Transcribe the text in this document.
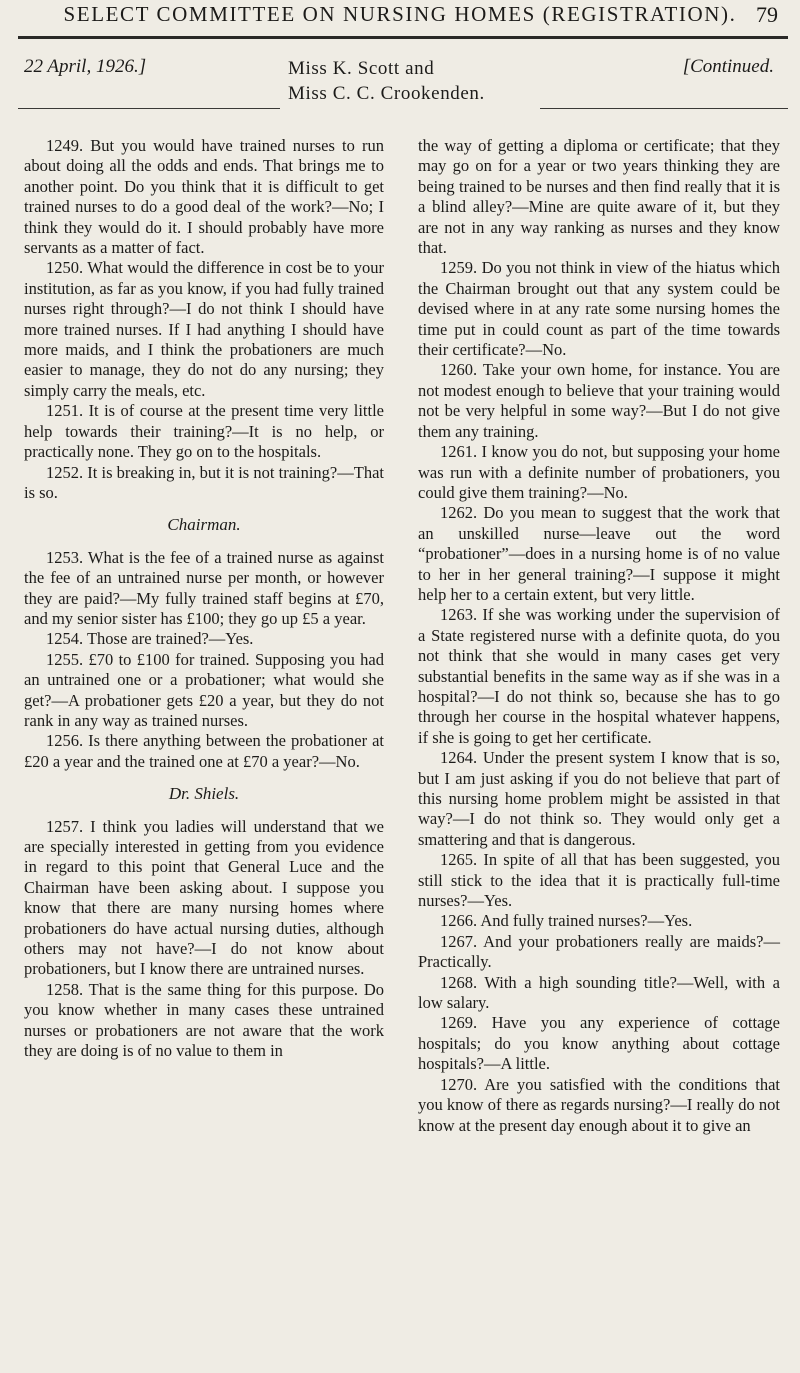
SELECT COMMITTEE ON NURSING HOMES (REGISTRATION). 79
22 April, 1926.]	Miss K. Scott and
Miss C. C. Crookenden.
[Continued.

1249. But you would have trained nurses to run about doing all the odds and ends. That brings me to another point. Do you think that it is difficult to get trained nurses to do a good deal of the work?—No; I think they would do it. I should probably have more servants as a matter of fact.

1250. What would the difference in cost be to your institution, as far as you know, if you had fully trained nurses right through?—I do not think I should have more trained nurses. If I had anything I should have more maids, and I think the probationers are much easier to manage, they do not do any nursing; they simply carry the meals, etc.

1251. It is of course at the present time very little help towards their training?—It is no help, or practically none. They go on to the hospitals.

1252. It is breaking in, but it is not training?—That is so.

Chairman.

1253. What is the fee of a trained nurse as against the fee of an untrained nurse per month, or however they are paid?—My fully trained staff begins at £70, and my senior sister has £100; they go up £5 a year.

1254. Those are trained?—Yes.

1255. £70 to £100 for trained. Supposing you had an untrained one or a probationer; what would she get?—A probationer gets £20 a year, but they do not rank in any way as trained nurses.

1256. Is there anything between the probationer at £20 a year and the trained one at £70 a year?—No.

Dr. Shiels.

1257. I think you ladies will understand that we are specially interested in getting from you evidence in regard to this point that General Luce and the Chairman have been asking about. I suppose you know that there are many nursing homes where probationers do have actual nursing duties, although others may not have?—I do not know about probationers, but I know there are untrained nurses.

1258. That is the same thing for this purpose. Do you know whether in many cases these untrained nurses or probationers are not aware that the work they are doing is of no value to them in

the way of getting a diploma or certificate; that they may go on for a year or two years thinking they are being trained to be nurses and then find really that it is a blind alley?—Mine are quite aware of it, but they are not in any way ranking as nurses and they know that.

1259. Do you not think in view of the hiatus which the Chairman brought out that any system could be devised where in at any rate some nursing homes the time put in could count as part of the time towards their certificate?—No.

1260. Take your own home, for instance. You are not modest enough to believe that your training would not be very helpful in some way?—But I do not give them any training.

1261. I know you do not, but supposing your home was run with a definite number of probationers, you could give them training?—No.

1262. Do you mean to suggest that the work that an unskilled nurse—leave out the word “probationer”—does in a nursing home is of no value to her in her general training?—I suppose it might help her to a certain extent, but very little.

1263. If she was working under the supervision of a State registered nurse with a definite quota, do you not think that she would in many cases get very substantial benefits in the same way as if she was in a hospital?—I do not think so, because she has to go through her course in the hospital whatever happens, if she is going to get her certificate.

1264. Under the present system I know that is so, but I am just asking if you do not believe that part of this nursing home problem might be assisted in that way?—I do not think so. They would only get a smattering and that is dangerous.

1265. In spite of all that has been suggested, you still stick to the idea that it is practically full-time nurses?—Yes.

1266. And fully trained nurses?—Yes.

1267. And your probationers really are maids?—Practically.

1268. With a high sounding title?—Well, with a low salary.

1269. Have you any experience of cottage hospitals; do you know anything about cottage hospitals?—A little.

1270. Are you satisfied with the conditions that you know of there as regards nursing?—I really do not know at the present day enough about it to give an
